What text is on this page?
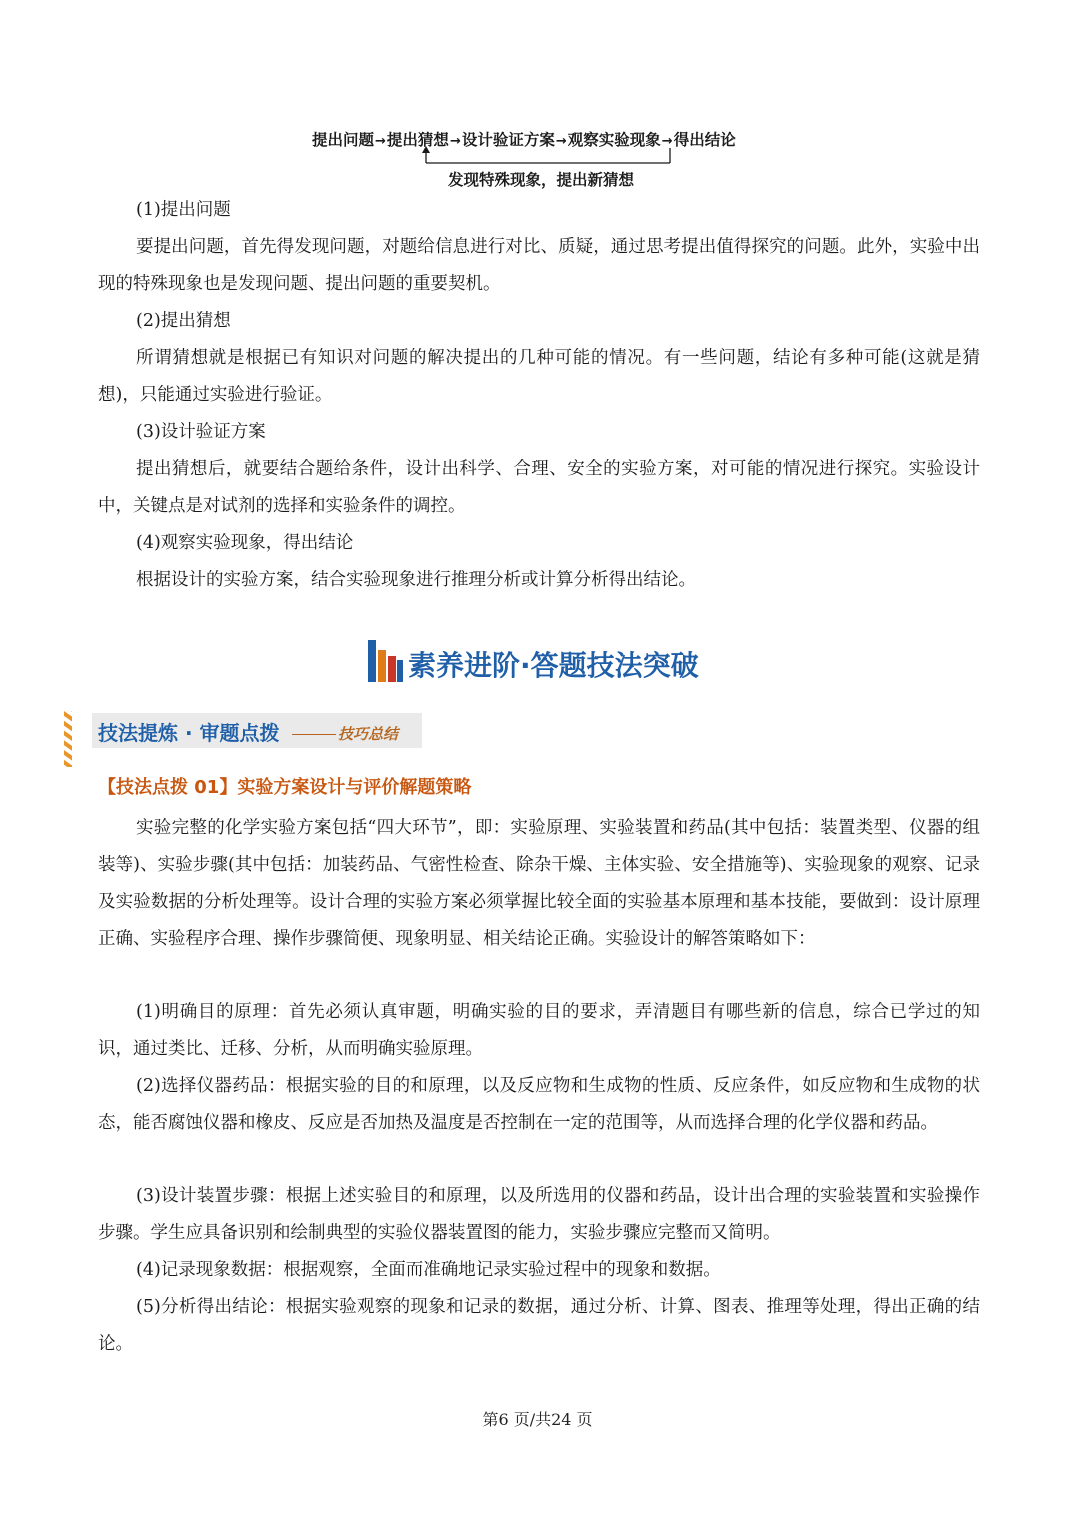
提出问题→提出猜想→设计验证方案→观察实验现象→得出结论
发现特殊现象，提出新猜想

(1)提出问题

要提出问题，首先得发现问题，对题给信息进行对比、质疑，通过思考提出值得探究的问题。此外，实验中出现的特殊现象也是发现问题、提出问题的重要契机。

(2)提出猜想

所谓猜想就是根据已有知识对问题的解决提出的几种可能的情况。有一些问题，结论有多种可能(这就是猜想)，只能通过实验进行验证。

(3)设计验证方案

提出猜想后，就要结合题给条件，设计出科学、合理、安全的实验方案，对可能的情况进行探究。实验设计中，关键点是对试剂的选择和实验条件的调控。

(4)观察实验现象，得出结论

根据设计的实验方案，结合实验现象进行推理分析或计算分析得出结论。

素养进阶·答题技法突破
技法提炼 · 审题点拨	技巧总结
【技法点拨 01】实验方案设计与评价解题策略

实验完整的化学实验方案包括“四大环节”，即：实验原理、实验装置和药品(其中包括：装置类型、仪器的组装等)、实验步骤(其中包括：加装药品、气密性检查、除杂干燥、主体实验、安全措施等)、实验现象的观察、记录及实验数据的分析处理等。设计合理的实验方案必须掌握比较全面的实验基本原理和基本技能，要做到：设计原理正确、实验程序合理、操作步骤简便、现象明显、相关结论正确。实验设计的解答策略如下：

(1)明确目的原理：首先必须认真审题，明确实验的目的要求，弄清题目有哪些新的信息，综合已学过的知识，通过类比、迁移、分析，从而明确实验原理。

(2)选择仪器药品：根据实验的目的和原理，以及反应物和生成物的性质、反应条件，如反应物和生成物的状态，能否腐蚀仪器和橡皮、反应是否加热及温度是否控制在一定的范围等，从而选择合理的化学仪器和药品。

(3)设计装置步骤：根据上述实验目的和原理，以及所选用的仪器和药品，设计出合理的实验装置和实验操作步骤。学生应具备识别和绘制典型的实验仪器装置图的能力，实验步骤应完整而又简明。

(4)记录现象数据：根据观察，全面而准确地记录实验过程中的现象和数据。

(5)分析得出结论：根据实验观察的现象和记录的数据，通过分析、计算、图表、推理等处理，得出正确的结论。

第6 页/共24 页
